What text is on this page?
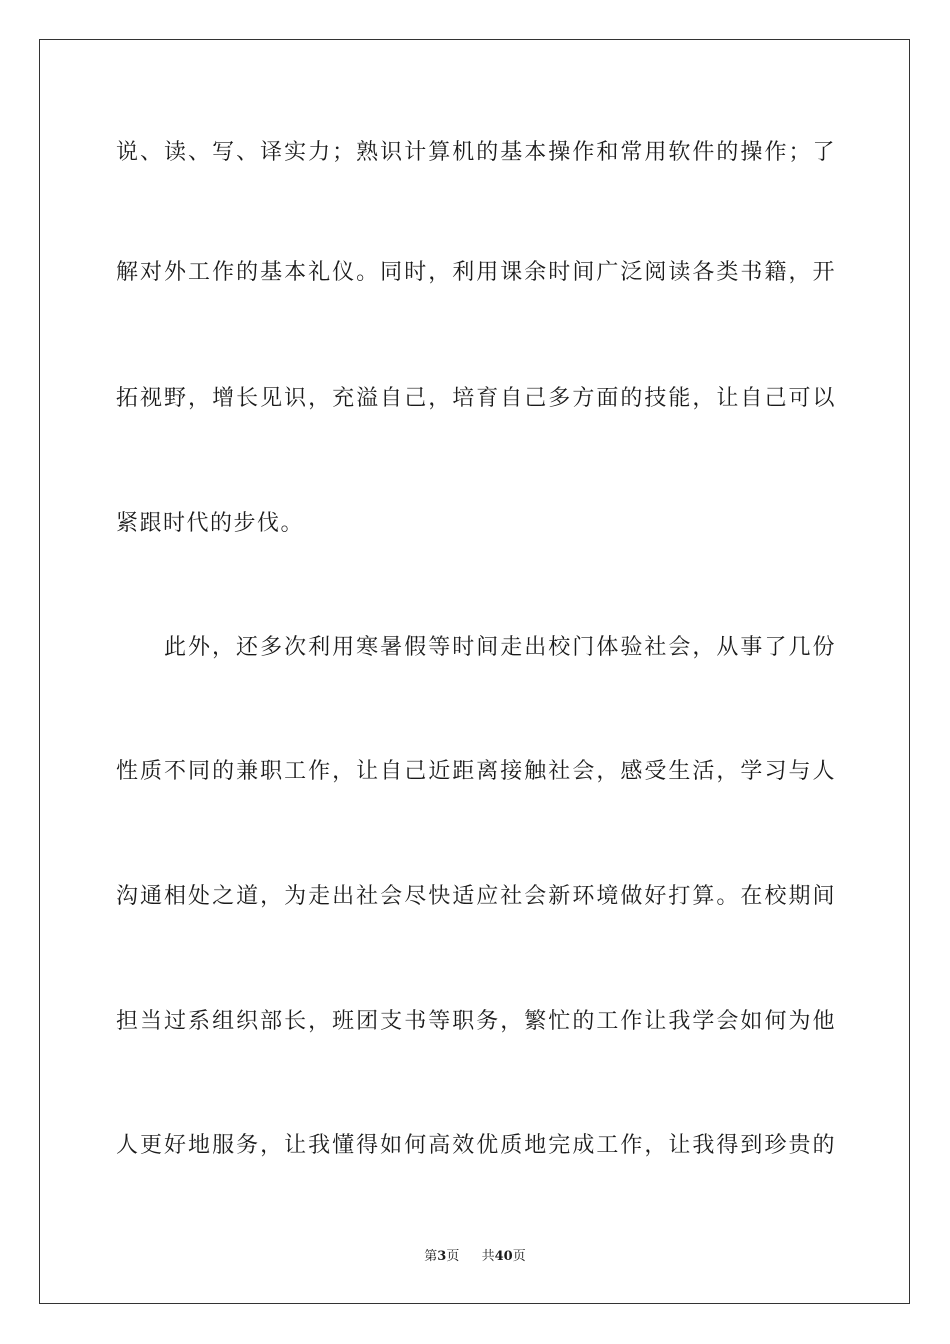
说、读、写、译实力；熟识计算机的基本操作和常用软件的操作；了
解对外工作的基本礼仪。同时，利用课余时间广泛阅读各类书籍，开
拓视野，增长见识，充溢自己，培育自己多方面的技能，让自己可以
紧跟时代的步伐。
此外，还多次利用寒暑假等时间走出校门体验社会，从事了几份
性质不同的兼职工作，让自己近距离接触社会，感受生活，学习与人
沟通相处之道，为走出社会尽快适应社会新环境做好打算。在校期间
担当过系组织部长，班团支书等职务，繁忙的工作让我学会如何为他
人更好地服务，让我懂得如何高效优质地完成工作，让我得到珍贵的
第3页 共40页
